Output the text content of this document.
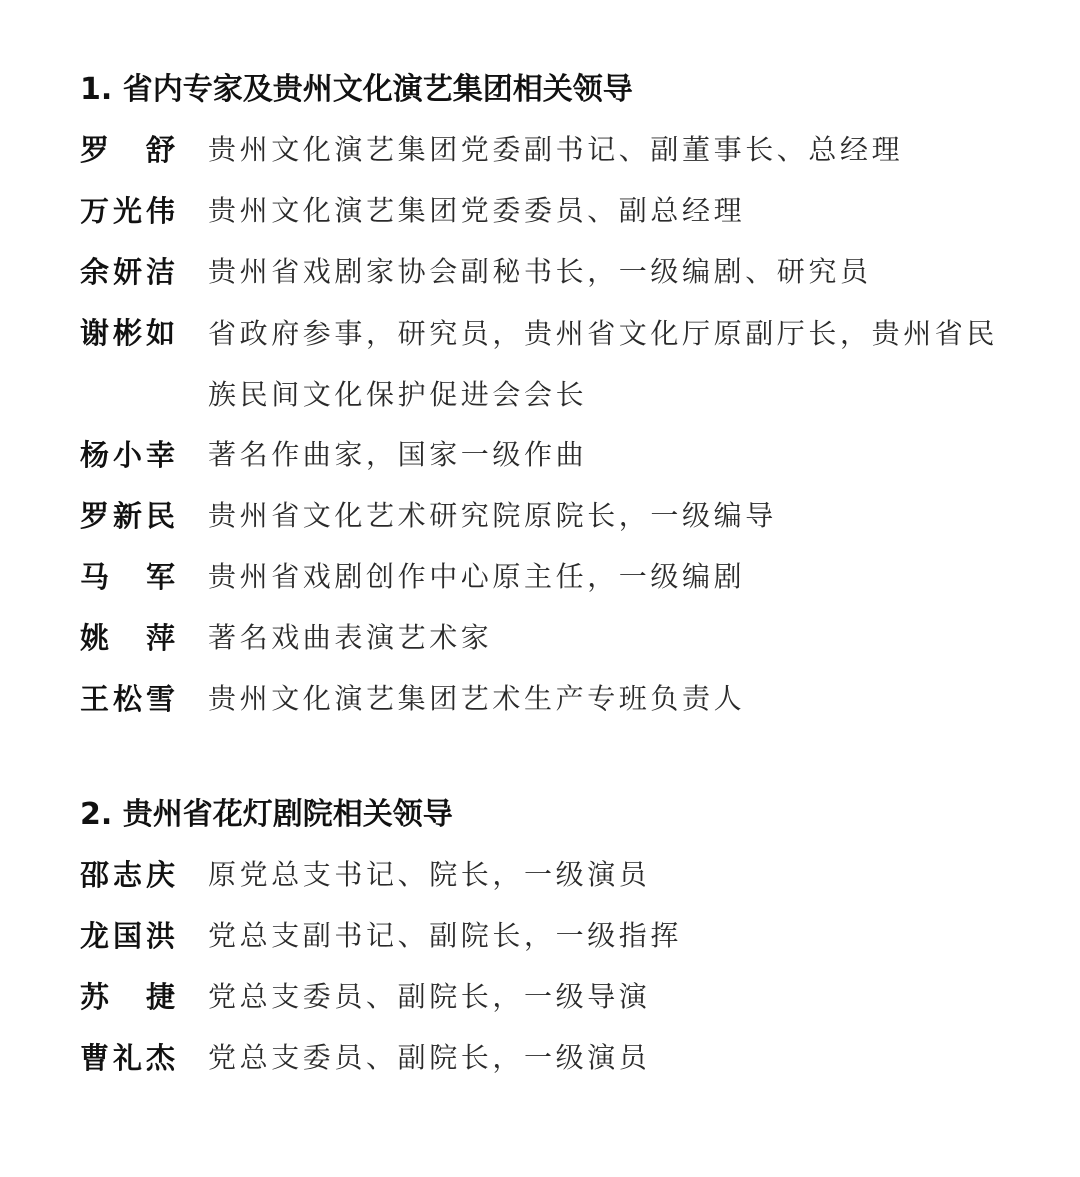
1. 省内专家及贵州文化演艺集团相关领导
罗　舒 贵州文化演艺集团党委副书记、副董事长、总经理
万光伟 贵州文化演艺集团党委委员、副总经理
余妍洁 贵州省戏剧家协会副秘书长，一级编剧、研究员
谢彬如 省政府参事，研究员，贵州省文化厅原副厅长，贵州省民族民间文化保护促进会会长
杨小幸 著名作曲家，国家一级作曲
罗新民 贵州省文化艺术研究院原院长，一级编导
马　军 贵州省戏剧创作中心原主任，一级编剧
姚　萍 著名戏曲表演艺术家
王松雪 贵州文化演艺集团艺术生产专班负责人
2. 贵州省花灯剧院相关领导
邵志庆 原党总支书记、院长，一级演员
龙国洪 党总支副书记、副院长，一级指挥
苏　捷 党总支委员、副院长，一级导演
曹礼杰 党总支委员、副院长，一级演员
